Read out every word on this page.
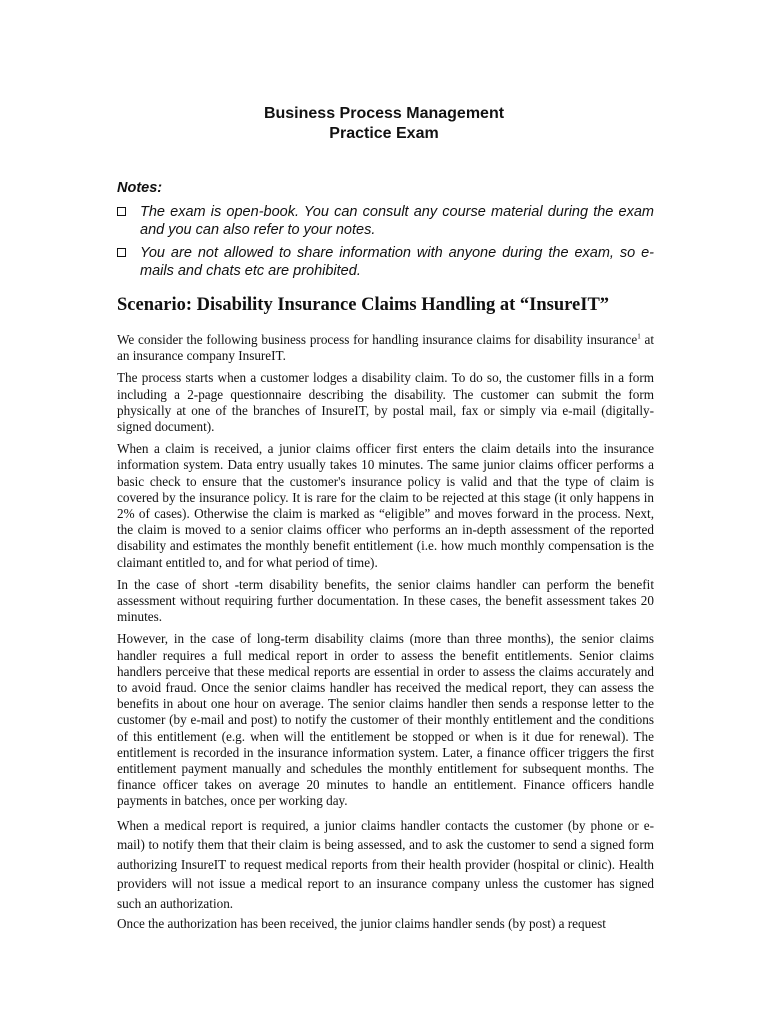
Business Process Management
Practice Exam
Notes:
The exam is open-book. You can consult any course material during the exam and you can also refer to your notes.
You are not allowed to share information with anyone during the exam, so e-mails and chats etc are prohibited.
Scenario: Disability Insurance Claims Handling at “InsureIT”

We consider the following business process for handling insurance claims for disability insurance$^1$ at an insurance company InsureIT.

The process starts when a customer lodges a disability claim. To do so, the customer fills in a form including a 2-page questionnaire describing the disability. The customer can submit the form physically at one of the branches of InsureIT, by postal mail, fax or simply via e-mail (digitally-signed document).

When a claim is received, a junior claims officer first enters the claim details into the insurance information system. Data entry usually takes 10 minutes. The same junior claims officer performs a basic check to ensure that the customer's insurance policy is valid and that the type of claim is covered by the insurance policy. It is rare for the claim to be rejected at this stage (it only happens in 2% of cases). Otherwise the claim is marked as “eligible” and moves forward in the process. Next, the claim is moved to a senior claims officer who performs an in-depth assessment of the reported disability and estimates the monthly benefit entitlement (i.e. how much monthly compensation is the claimant entitled to, and for what period of time).

In the case of short -term disability benefits, the senior claims handler can perform the benefit assessment without requiring further documentation. In these cases, the benefit assessment takes 20 minutes.

However, in the case of long-term disability claims (more than three months), the senior claims handler requires a full medical report in order to assess the benefit entitlements. Senior claims handlers perceive that these medical reports are essential in order to assess the claims accurately and to avoid fraud. Once the senior claims handler has received the medical report, they can assess the benefits in about one hour on average. The senior claims handler then sends a response letter to the customer (by e-mail and post) to notify the customer of their monthly entitlement and the conditions of this entitlement (e.g. when will the entitlement be stopped or when is it due for renewal). The entitlement is recorded in the insurance information system. Later, a finance officer triggers the first entitlement payment manually and schedules the monthly entitlement for subsequent months. The finance officer takes on average 20 minutes to handle an entitlement. Finance officers handle payments in batches, once per working day.

When a medical report is required, a junior claims handler contacts the customer (by phone or e-mail) to notify them that their claim is being assessed, and to ask the customer to send a signed form authorizing InsureIT to request medical reports from their health provider (hospital or clinic). Health providers will not issue a medical report to an insurance company unless the customer has signed such an authorization.

Once the authorization has been received, the junior claims handler sends (by post) a request
